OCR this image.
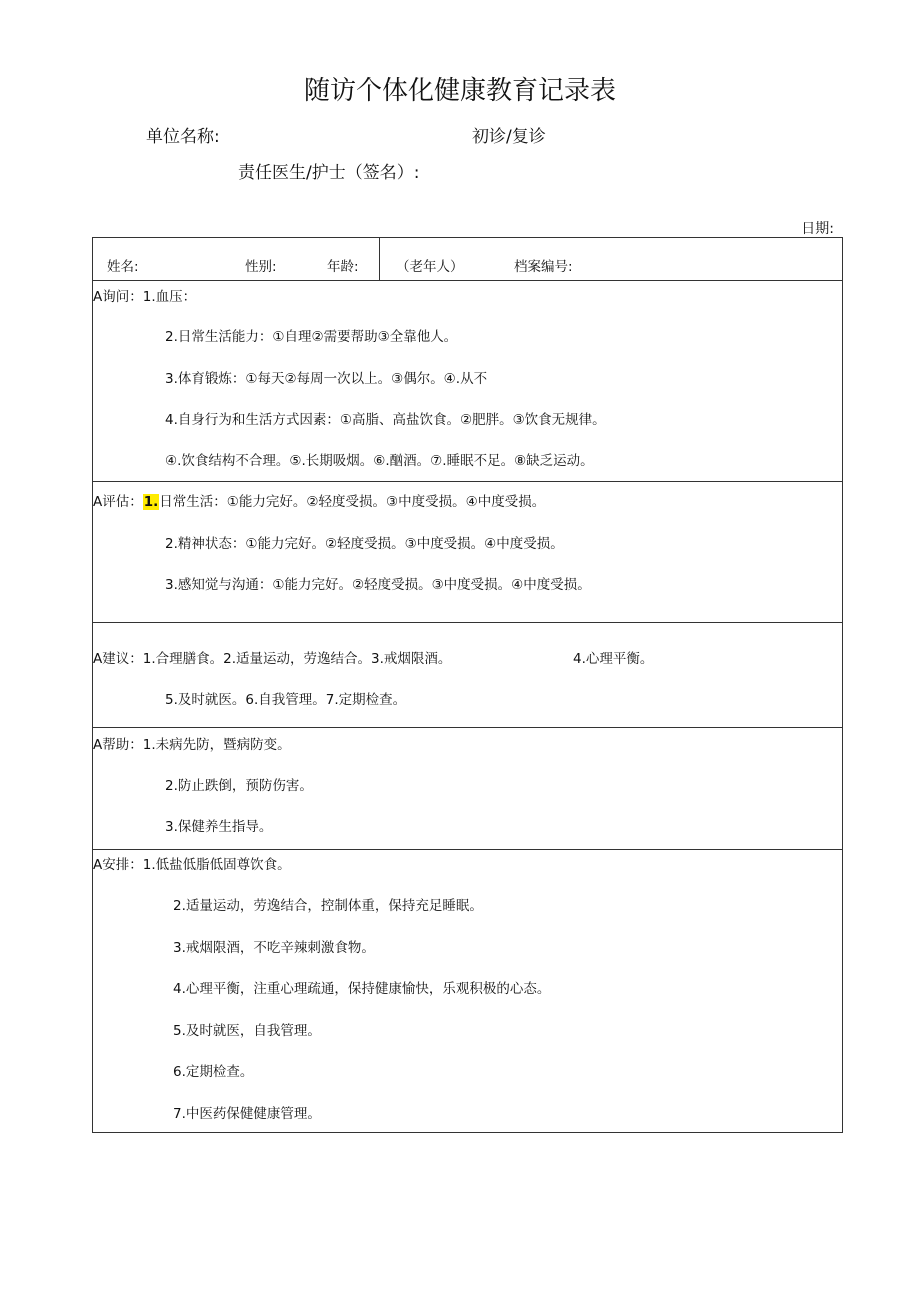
随访个体化健康教育记录表
单位名称:	初诊/复诊
责任医生/护士（签名）:
日期:
姓名:	性别:	年龄:	（老年人）	档案编号:

A询问：1.血压：
2.日常生活能力：①自理②需要帮助③全靠他人。
3.体育锻炼：①每天②每周一次以上。③偶尔。④.从不
4.自身行为和生活方式因素：①高脂、高盐饮食。②肥胖。③饮食无规律。
④.饮食结构不合理。⑤.长期吸烟。⑥.酗酒。⑦.睡眠不足。⑧缺乏运动。

A评估：1.日常生活：①能力完好。②轻度受损。③中度受损。④中度受损。
2.精神状态：①能力完好。②轻度受损。③中度受损。④中度受损。
3.感知觉与沟通：①能力完好。②轻度受损。③中度受损。④中度受损。

A建议：1.合理膳食。2.适量运动，劳逸结合。3.戒烟限酒。	4.心理平衡。
5.及时就医。6.自我管理。7.定期检查。

A帮助：1.未病先防，暨病防变。
2.防止跌倒，预防伤害。
3.保健养生指导。

A安排：1.低盐低脂低固尊饮食。
2.适量运动，劳逸结合，控制体重，保持充足睡眠。
3.戒烟限酒，不吃辛辣刺激食物。
4.心理平衡，注重心理疏通，保持健康愉快，乐观积极的心态。
5.及时就医，自我管理。
6.定期检查。
7.中医药保健健康管理。
